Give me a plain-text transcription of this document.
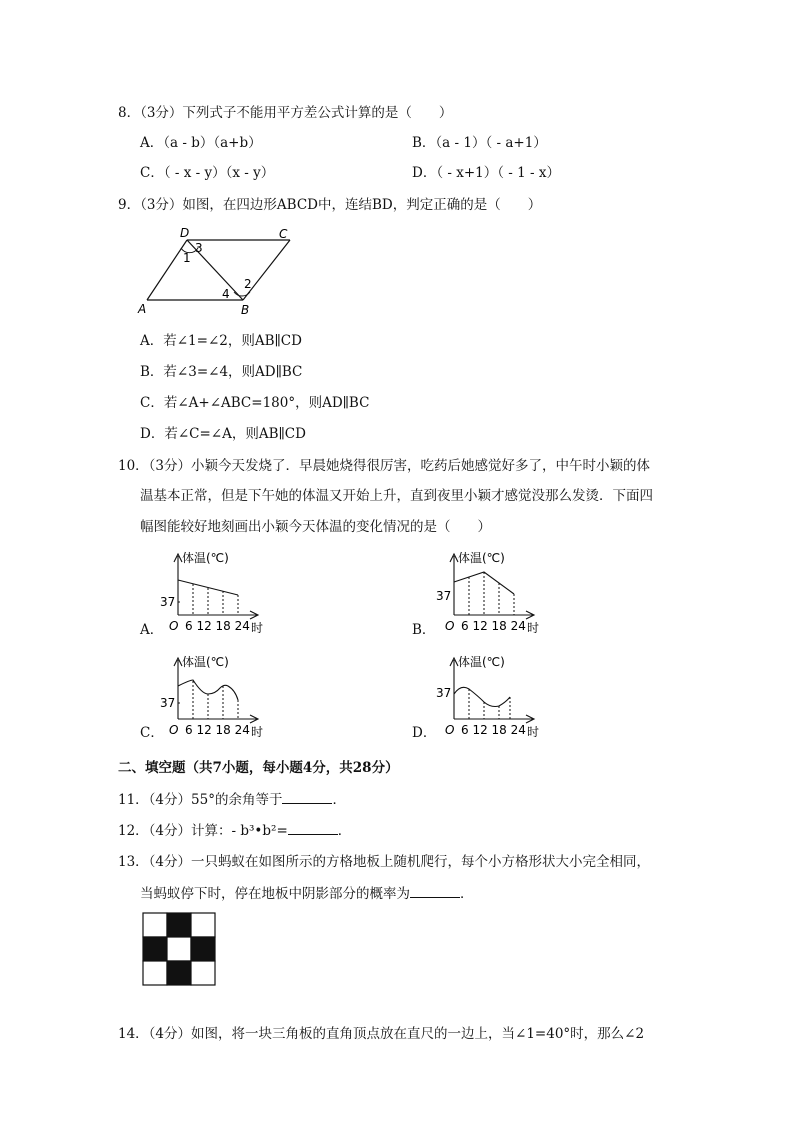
8．（3分）下列式子不能用平方差公式计算的是（　　）
A．（a - b）（a+b）	B．（a - 1）（ - a+1）
C．（ - x - y）（x - y）	D．（ - x+1）（ - 1 - x）
9．（3分）如图，在四边形ABCD中，连结BD，判定正确的是（　　）
D	C
A	B
1
3
2
4
A．若∠1=∠2，则AB∥CD
B．若∠3=∠4，则AD∥BC
C．若∠A+∠ABC=180°，则AD∥BC
D．若∠C=∠A，则AB∥CD
10．（3分）小颖今天发烧了．早晨她烧得很厉害，吃药后她感觉好多了，中午时小颖的体
温基本正常，但是下午她的体温又开始上升，直到夜里小颖才感觉没那么发烫．下面四
幅图能较好地刻画出小颖今天体温的变化情况的是（　　）
A．
体温(℃)
37
O 6 12 18 24 时	B．
体温(℃)
37
O 6 12 18 24 时
C．
体温(℃)
37
O 6 12 18 24 时	D．
体温(℃)
37
O 6 12 18 24 时
二、填空题（共7小题，每小题4分，共28分）
11．（4分）55°的余角等于	．
12．（4分）计算：- b³•b²=	．
13．（4分）一只蚂蚁在如图所示的方格地板上随机爬行，每个小方格形状大小完全相同，
当蚂蚁停下时，停在地板中阴影部分的概率为	．
14．（4分）如图，将一块三角板的直角顶点放在直尺的一边上，当∠1=40°时，那么∠2
